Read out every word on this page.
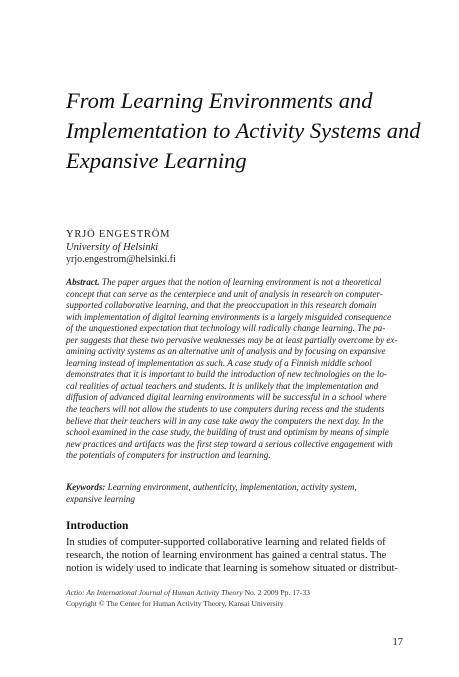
From Learning Environments and
Implementation to Activity Systems and
Expansive Learning
YRJÖ ENGESTRÖM
University of Helsinki
yrjo.engestrom@helsinki.fi

Abstract. The paper argues that the notion of learning environment is not a theoretical
concept that can serve as the centerpiece and unit of analysis in research on computer-
supported collaborative learning, and that the preoccupation in this research domain
with implementation of digital learning environments is a largely misguided consequence
of the unquestioned expectation that technology will radically change learning. The pa-
per suggests that these two pervasive weaknesses may be at least partially overcome by ex-
amining activity systems as an alternative unit of analysis and by focusing on expansive
learning instead of implementation as such. A case study of a Finnish middle school
demonstrates that it is important to build the introduction of new technologies on the lo-
cal realities of actual teachers and students. It is unlikely that the implementation and
diffusion of advanced digital learning environments will be successful in a school where
the teachers will not allow the students to use computers during recess and the students
believe that their teachers will in any case take away the computers the next day. In the
school examined in the case study, the building of trust and optimism by means of simple
new practices and artifacts was the first step toward a serious collective engagement with
the potentials of computers for instruction and learning.

Keywords: Learning environment, authenticity, implementation, activity system,
expansive learning

Introduction

In studies of computer-supported collaborative learning and related fields of
research, the notion of learning environment has gained a central status. The
notion is widely used to indicate that learning is somehow situated or distribut-

Actio: An International Journal of Human Activity Theory No. 2 2009 Pp. 17-33
Copyright © The Center for Human Activity Theory, Kansai University
17
